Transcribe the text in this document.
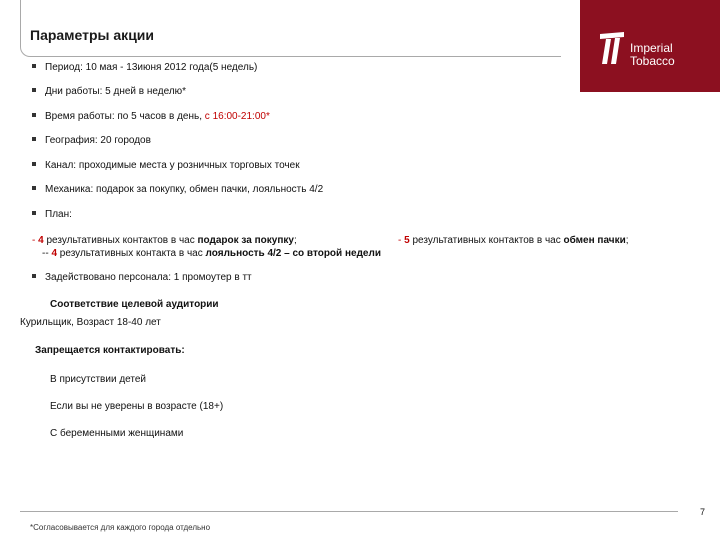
Параметры акции
Imperial
Tobacco
Период: 10 мая - 13июня 2012 года(5 недель)
Дни работы: 5 дней в неделю*
Время работы: по 5 часов в день, с 16:00-21:00*
География: 20 городов
Канал: проходимые места у розничных торговых точек
Механика: подарок за покупку, обмен пачки, лояльность 4/2
План:
- 4 результативных контактов в час подарок за покупку;	- 5 результативных контактов в час обмен пачки;
-- 4 результативных контакта в час лояльность 4/2 – со второй недели
Задействовано персонала: 1 промоутер в тт
Соответствие целевой аудитории
Курильщик, Возраст 18-40 лет
Запрещается контактировать:
В присутствии детей
Если вы не уверены в возрасте (18+)
С беременными женщинами
7
*Согласовывается для каждого города отдельно
